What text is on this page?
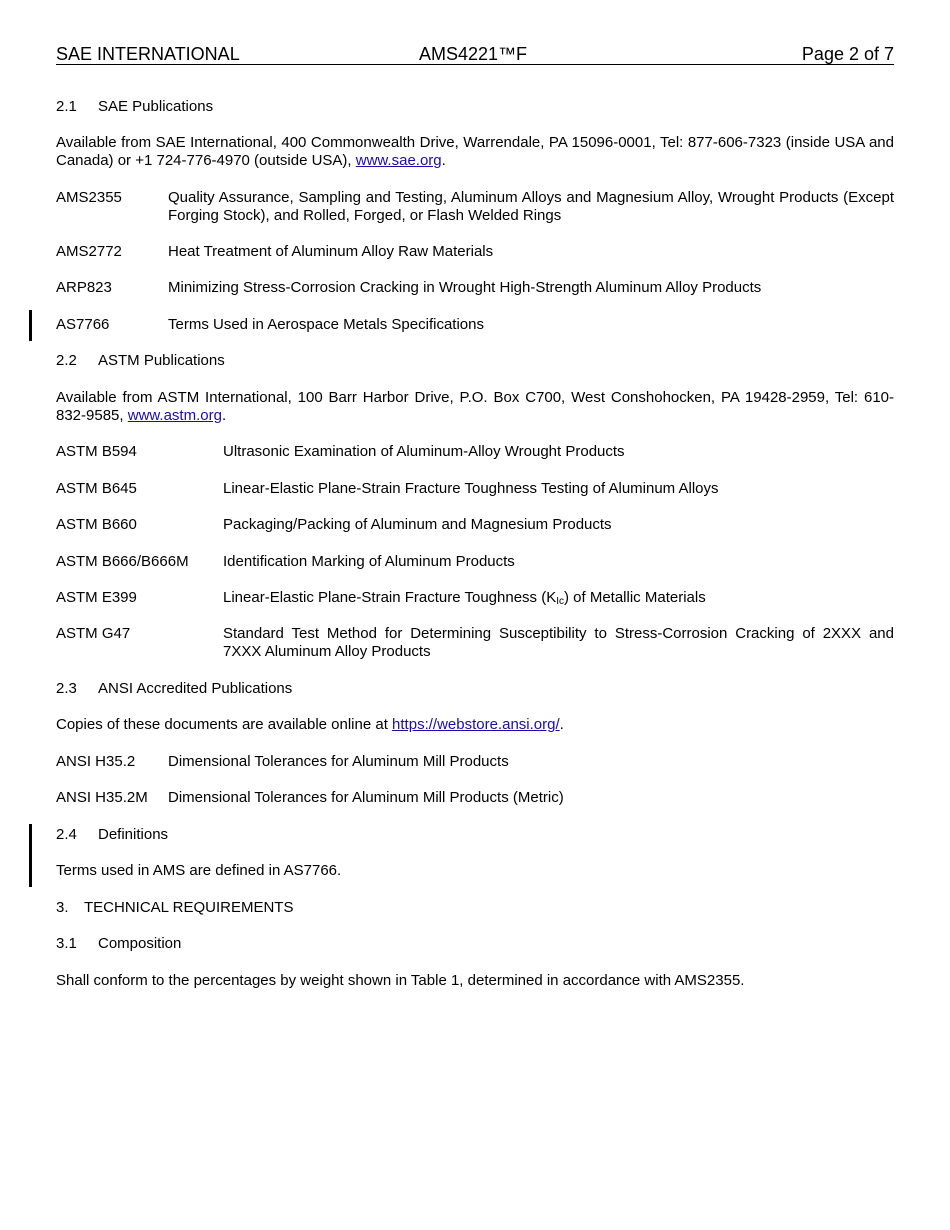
SAE INTERNATIONAL	AMS4221™F	Page 2 of 7
2.1 SAE Publications
Available from SAE International, 400 Commonwealth Drive, Warrendale, PA 15096-0001, Tel: 877-606-7323 (inside USA and Canada) or +1 724-776-4970 (outside USA), www.sae.org.
AMS2355	Quality Assurance, Sampling and Testing, Aluminum Alloys and Magnesium Alloy, Wrought Products (Except Forging Stock), and Rolled, Forged, or Flash Welded Rings
AMS2772	Heat Treatment of Aluminum Alloy Raw Materials
ARP823	Minimizing Stress-Corrosion Cracking in Wrought High-Strength Aluminum Alloy Products
AS7766	Terms Used in Aerospace Metals Specifications
2.2 ASTM Publications
Available from ASTM International, 100 Barr Harbor Drive, P.O. Box C700, West Conshohocken, PA 19428-2959, Tel: 610-832-9585, www.astm.org.
ASTM B594	Ultrasonic Examination of Aluminum-Alloy Wrought Products
ASTM B645	Linear-Elastic Plane-Strain Fracture Toughness Testing of Aluminum Alloys
ASTM B660	Packaging/Packing of Aluminum and Magnesium Products
ASTM B666/B666M Identification Marking of Aluminum Products
ASTM E399	Linear-Elastic Plane-Strain Fracture Toughness $(K_{Ic})$ of Metallic Materials
ASTM G47	Standard Test Method for Determining Susceptibility to Stress-Corrosion Cracking of 2XXX and 7XXX Aluminum Alloy Products
2.3 ANSI Accredited Publications
Copies of these documents are available online at https://webstore.ansi.org/.
ANSI H35.2 Dimensional Tolerances for Aluminum Mill Products
ANSI H35.2M Dimensional Tolerances for Aluminum Mill Products (Metric)
2.4 Definitions
Terms used in AMS are defined in AS7766.
3. TECHNICAL REQUIREMENTS
3.1 Composition
Shall conform to the percentages by weight shown in Table 1, determined in accordance with AMS2355.
